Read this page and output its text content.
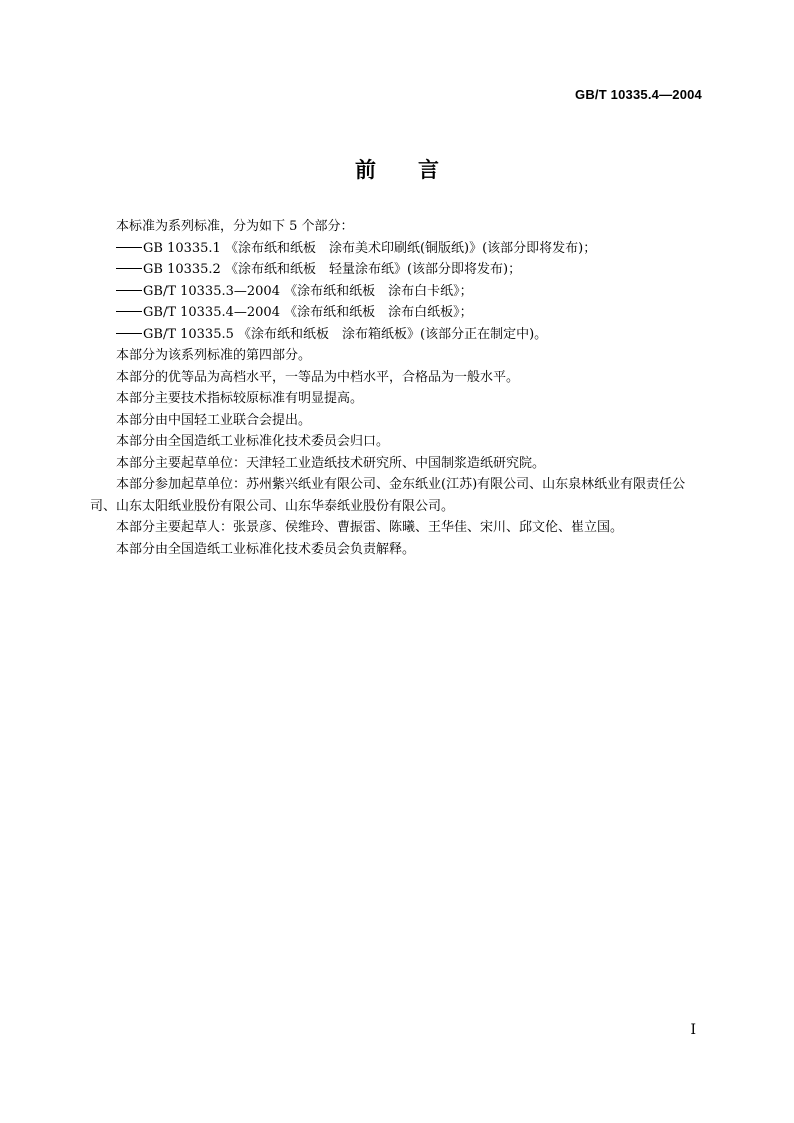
GB/T 10335.4—2004
前 言

本标准为系列标准，分为如下 5 个部分：

GB 10335.1 《涂布纸和纸板　涂布美术印刷纸(铜版纸)》(该部分即将发布)；

GB 10335.2 《涂布纸和纸板　轻量涂布纸》(该部分即将发布)；

GB/T 10335.3—2004 《涂布纸和纸板　涂布白卡纸》；

GB/T 10335.4—2004 《涂布纸和纸板　涂布白纸板》；

GB/T 10335.5 《涂布纸和纸板　涂布箱纸板》(该部分正在制定中)。

本部分为该系列标准的第四部分。

本部分的优等品为高档水平，一等品为中档水平，合格品为一般水平。

本部分主要技术指标较原标准有明显提高。

本部分由中国轻工业联合会提出。

本部分由全国造纸工业标准化技术委员会归口。

本部分主要起草单位：天津轻工业造纸技术研究所、中国制浆造纸研究院。

本部分参加起草单位：苏州紫兴纸业有限公司、金东纸业(江苏)有限公司、山东泉林纸业有限责任公司、山东太阳纸业股份有限公司、山东华泰纸业股份有限公司。

本部分主要起草人：张景彦、侯维玲、曹振雷、陈曦、王华佳、宋川、邱文伦、崔立国。

本部分由全国造纸工业标准化技术委员会负责解释。

I
